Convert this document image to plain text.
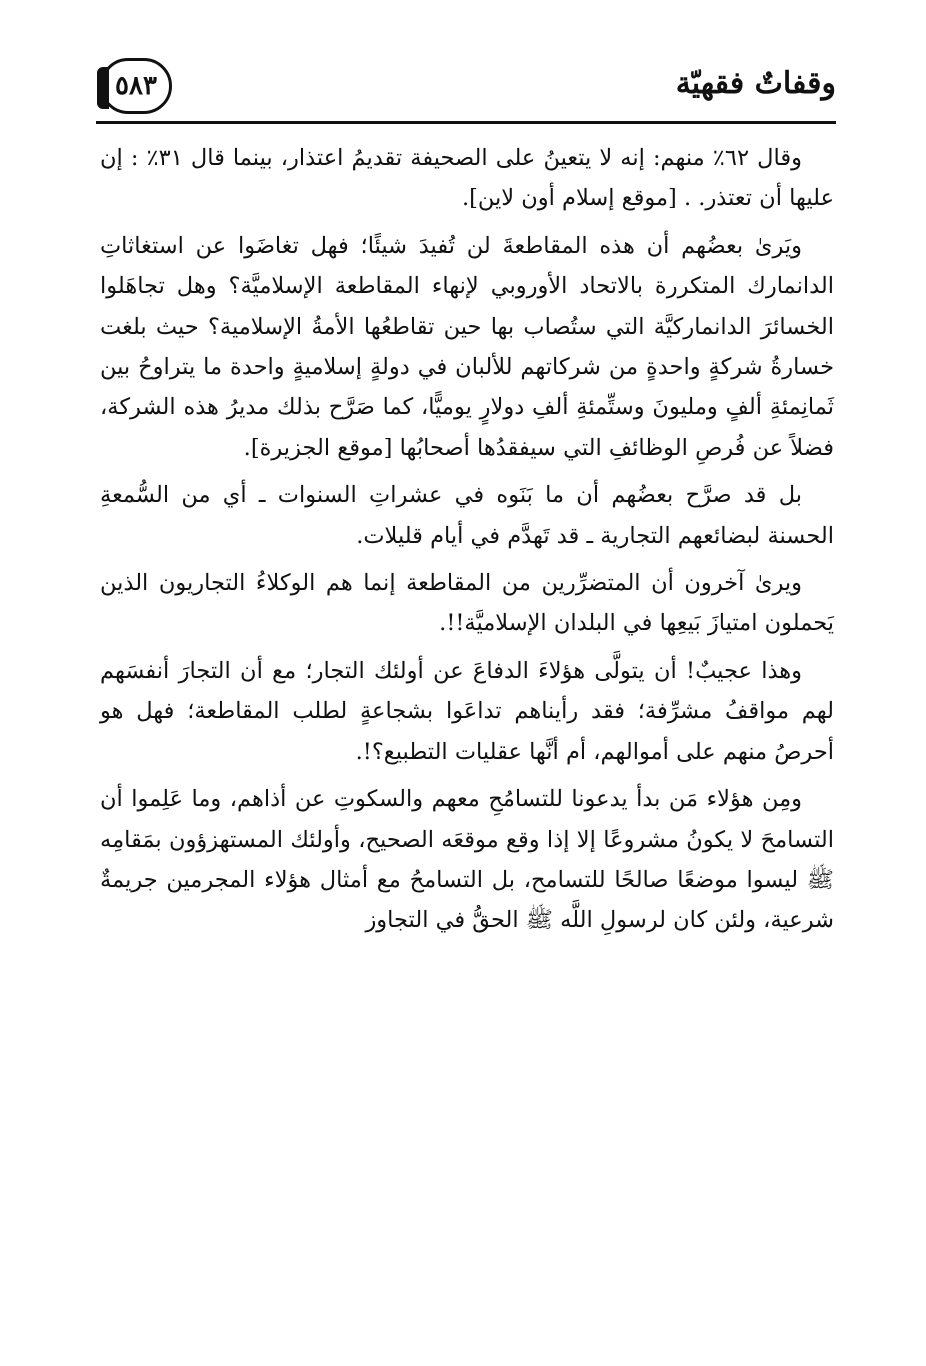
وقفاتٌ فقهيّة
٥٨٣

وقال ٦٢٪ منهم: إنه لا يتعينُ على الصحيفة تقديمُ اعتذار، بينما قال ٣١٪ : إن عليها أن تعتذر. . [موقع إسلام أون لاين].

ويَرىٰ بعضُهم أن هذه المقاطعةَ لن تُفيدَ شيئًا؛ فهل تغاضَوا عن استغاثاتِ الدانمارك المتكررة بالاتحاد الأوروبي لإنهاء المقاطعة الإسلاميَّة؟ وهل تجاهَلوا الخسائرَ الدانماركيَّة التي ستُصاب بها حين تقاطعُها الأمةُ الإسلامية؟ حيث بلغت خسارةُ شركةٍ واحدةٍ من شركاتهم للألبان في دولةٍ إسلاميةٍ واحدة ما يتراوحُ بين ثَمانِمئةِ ألفٍ ومليونَ وستِّمئةِ ألفِ دولارٍ يوميًّا، كما صَرَّح بذلك مديرُ هذه الشركة، فضلاً عن فُرصِ الوظائفِ التي سيفقدُها أصحابُها [موقع الجزيرة].

بل قد صرَّح بعضُهم أن ما بَنَوه في عشراتِ السنوات ـ أي من السُّمعةِ الحسنة لبضائعهم التجارية ـ قد تَهدَّم في أيام قليلات.

ويرىٰ آخرون أن المتضرِّرين من المقاطعة إنما هم الوكلاءُ التجاريون الذين يَحملون امتيازَ بَيعِها في البلدان الإسلاميَّة!!.

وهذا عجيبٌ! أن يتولَّى هؤلاءَ الدفاعَ عن أولئك التجار؛ مع أن التجارَ أنفسَهم لهم مواقفُ مشرِّفة؛ فقد رأيناهم تداعَوا بشجاعةٍ لطلب المقاطعة؛ فهل هو أحرصُ منهم على أموالهم، أم أنَّها عقليات التطبيع؟!.

ومِن هؤلاء مَن بدأ يدعونا للتسامُحِ معهم والسكوتِ عن أذاهم، وما عَلِموا أن التسامحَ لا يكونُ مشروعًا إلا إذا وقع موقعَه الصحيح، وأولئك المستهزؤون بمَقامِه ﷺ ليسوا موضعًا صالحًا للتسامح، بل التسامحُ مع أمثال هؤلاء المجرمين جريمةٌ شرعية، ولئن كان لرسولِ اللَّه ﷺ الحقُّ في التجاوز
